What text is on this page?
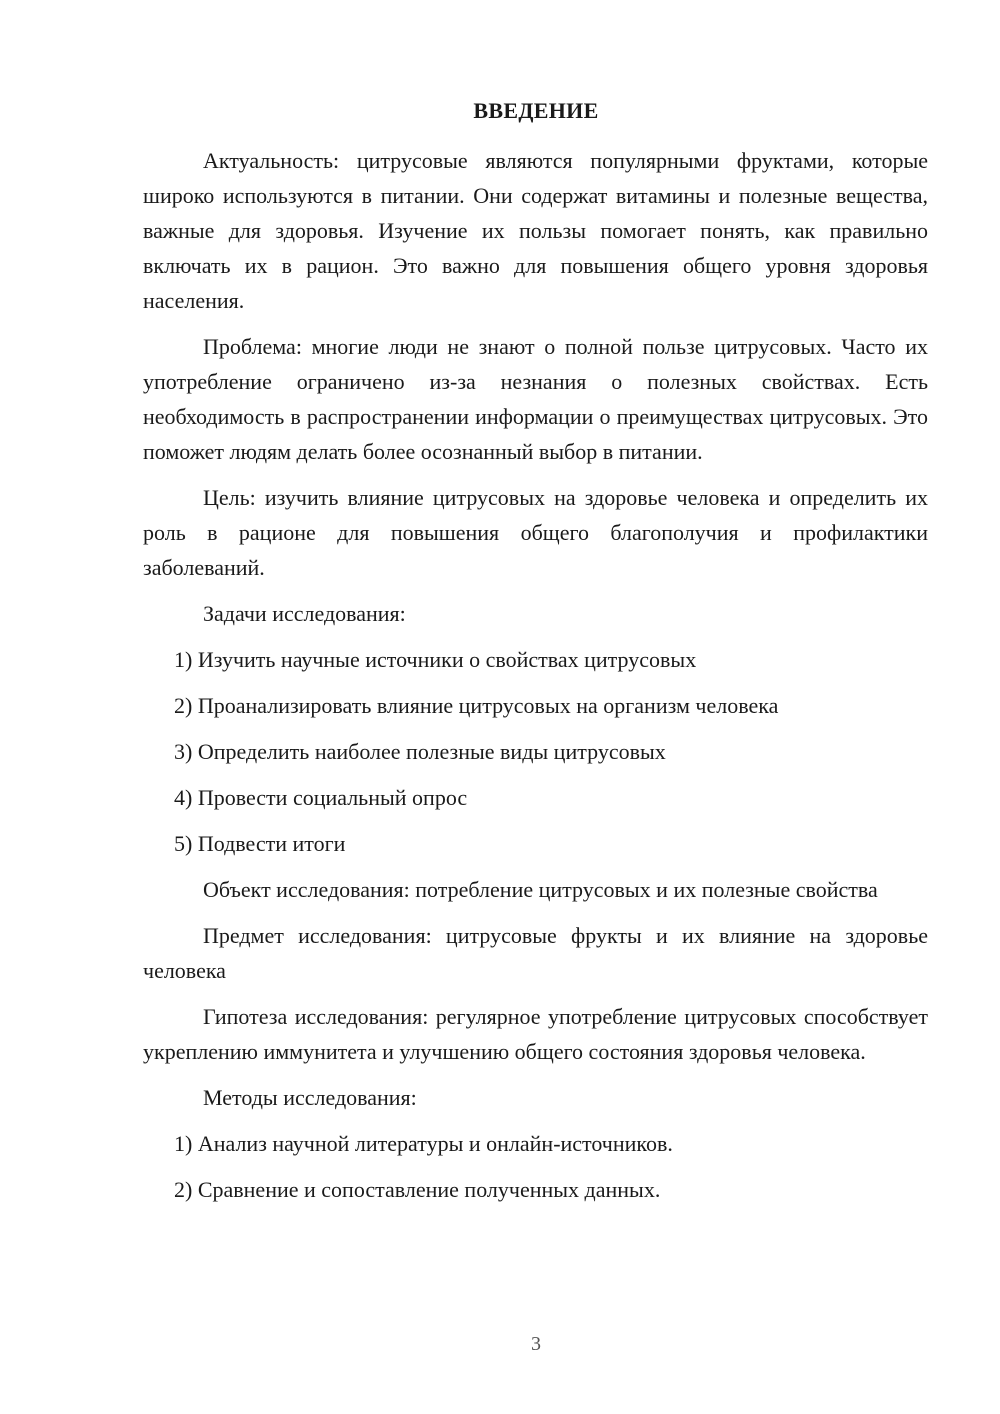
ВВЕДЕНИЕ

Актуальность: цитрусовые являются популярными фруктами, которые широко используются в питании. Они содержат витамины и полезные вещества, важные для здоровья. Изучение их пользы помогает понять, как правильно включать их в рацион. Это важно для повышения общего уровня здоровья населения.

Проблема: многие люди не знают о полной пользе цитрусовых. Часто их употребление ограничено из-за незнания о полезных свойствах. Есть необходимость в распространении информации о преимуществах цитрусовых. Это поможет людям делать более осознанный выбор в питании.

Цель: изучить влияние цитрусовых на здоровье человека и определить их роль в рационе для повышения общего благополучия и профилактики заболеваний.

Задачи исследования:

1) Изучить научные источники о свойствах цитрусовых

2) Проанализировать влияние цитрусовых на организм человека

3) Определить наиболее полезные виды цитрусовых

4) Провести социальный опрос

5) Подвести итоги

Объект исследования: потребление цитрусовых и их полезные свойства

Предмет исследования: цитрусовые фрукты и их влияние на здоровье человека

Гипотеза исследования: регулярное употребление цитрусовых способствует укреплению иммунитета и улучшению общего состояния здоровья человека.

Методы исследования:

1) Анализ научной литературы и онлайн-источников.

2) Сравнение и сопоставление полученных данных.

3
